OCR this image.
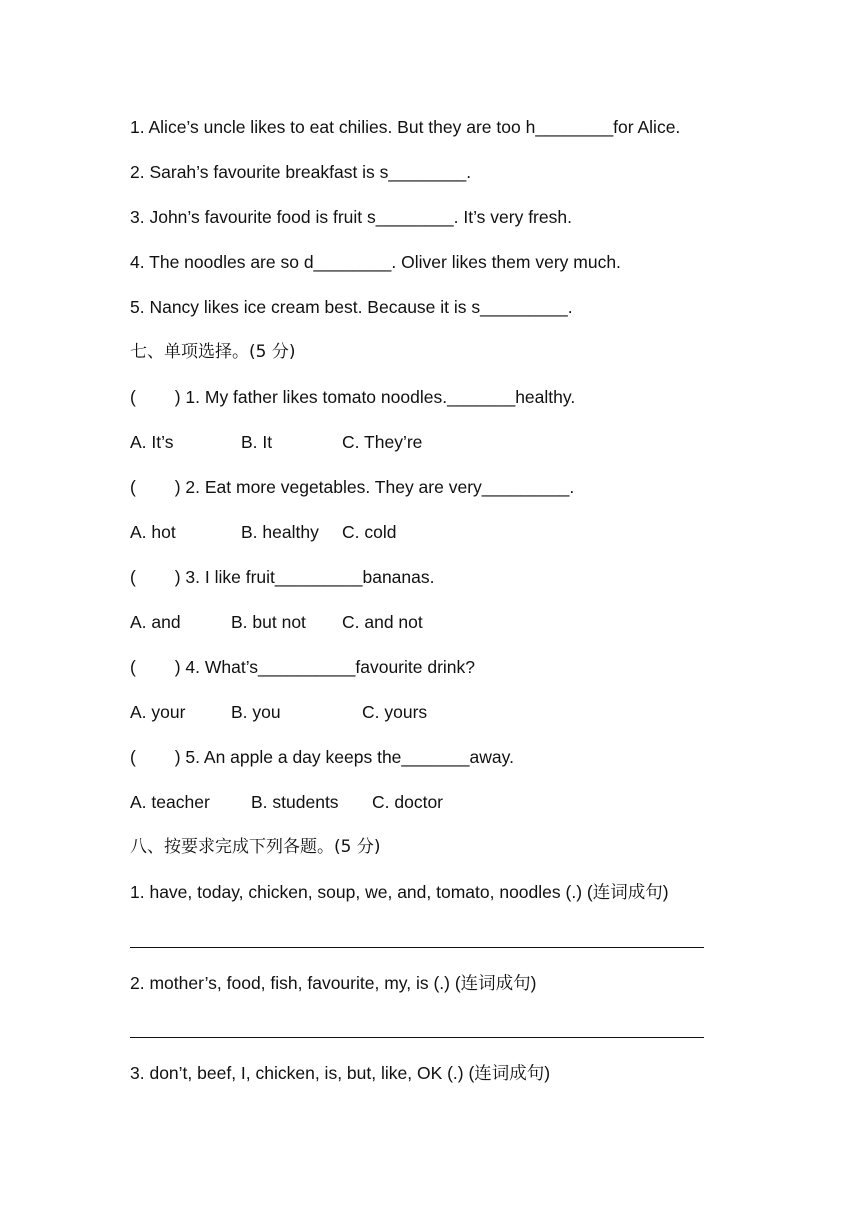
1. Alice’s uncle likes to eat chilies. But they are too h________for Alice.
2. Sarah’s favourite breakfast is s________.
3. John’s favourite food is fruit s________. It’s very fresh.
4. The noodles are so d________. Oliver likes them very much.
5. Nancy likes ice cream best. Because it is s_________.
七、单项选择。(5 分)
(        ) 1. My father likes tomato noodles._______healthy.
A. It’s	B. It	C. They’re
(        ) 2. Eat more vegetables. They are very_________.
A. hot	B. healthy C. cold
(        ) 3. I like fruit_________bananas.
A. and	B. but not C. and not
(        ) 4. What’s__________favourite drink?
A. your	B. you	C. yours
(        ) 5. An apple a day keeps the_______away.
A. teacher B. students C. doctor
八、按要求完成下列各题。(5 分)
1. have, today, chicken, soup, we, and, tomato, noodles (.) (连词成句)
2. mother’s, food, fish, favourite, my, is (.) (连词成句)
3. don’t, beef, I, chicken, is, but, like, OK (.) (连词成句)
